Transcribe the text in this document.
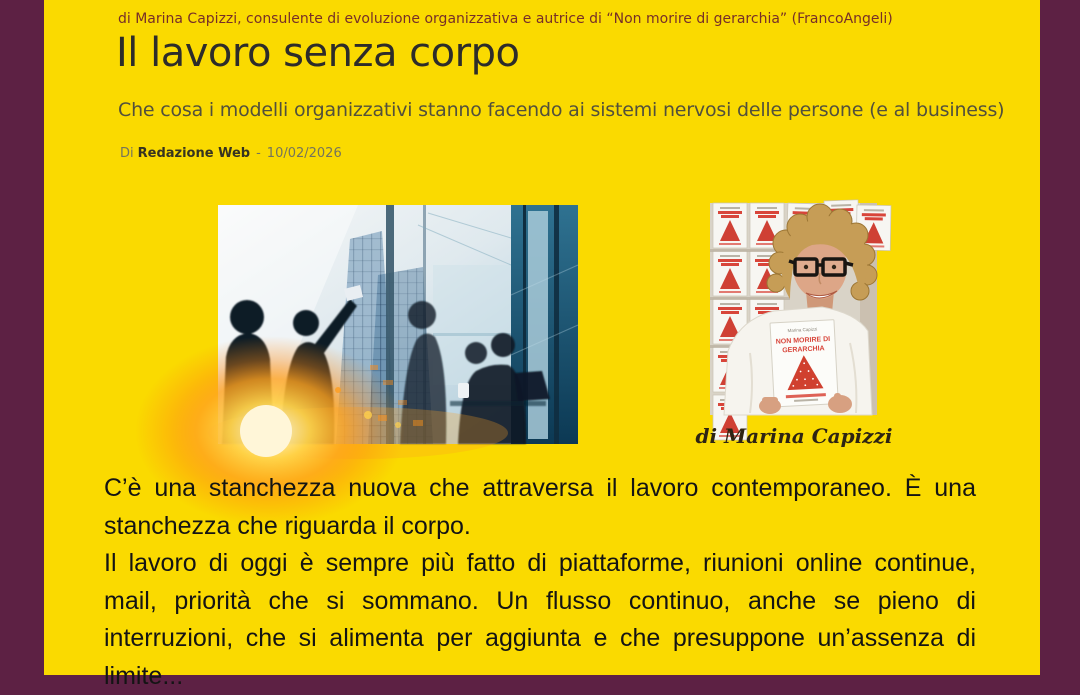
di Marina Capizzi, consulente di evoluzione organizzativa e autrice di “Non morire di gerarchia” (FrancoAngeli)
Il lavoro senza corpo
Che cosa i modelli organizzativi stanno facendo ai sistemi nervosi delle persone (e al business)
Di Redazione Web - 10/02/2026
Marina Capizzi
NON MORIRE DI
GERARCHIA
di Marina Capizzi
C’è una stanchezza nuova che attraversa il lavoro contemporaneo. È una
stanchezza che riguarda il corpo.
Il lavoro di oggi è sempre più fatto di piattaforme, riunioni online continue,
mail, priorità che si sommano. Un flusso continuo, anche se pieno di
interruzioni, che si alimenta per aggiunta e che presuppone un’assenza di
limite...
